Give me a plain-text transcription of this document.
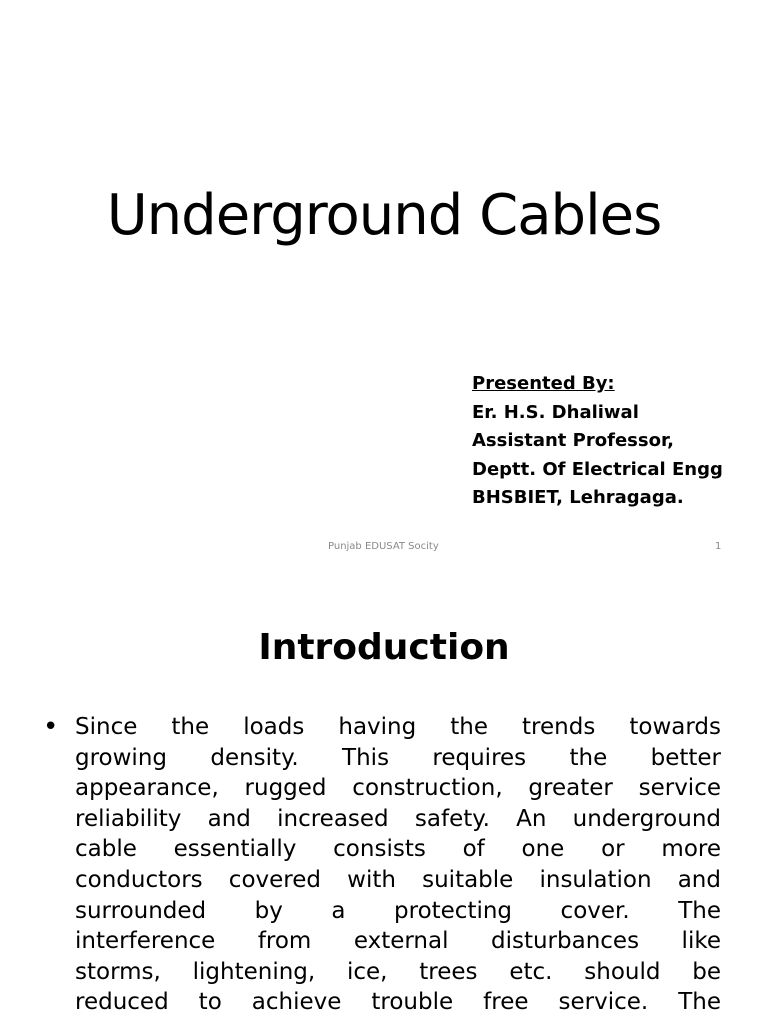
Underground Cables
Presented By:
Er. H.S. Dhaliwal
Assistant Professor,
Deptt. Of Electrical Engg
BHSBIET, Lehragaga.
Punjab EDUSAT Socity	1
Introduction
• Since the loads having the trends towards
growing density. This requires the better
appearance, rugged construction, greater service
reliability and increased safety. An underground
cable essentially consists of one or more
conductors covered with suitable insulation and
surrounded by a protecting cover. The
interference from external disturbances like
storms, lightening, ice, trees etc. should be
reduced to achieve trouble free service. The
